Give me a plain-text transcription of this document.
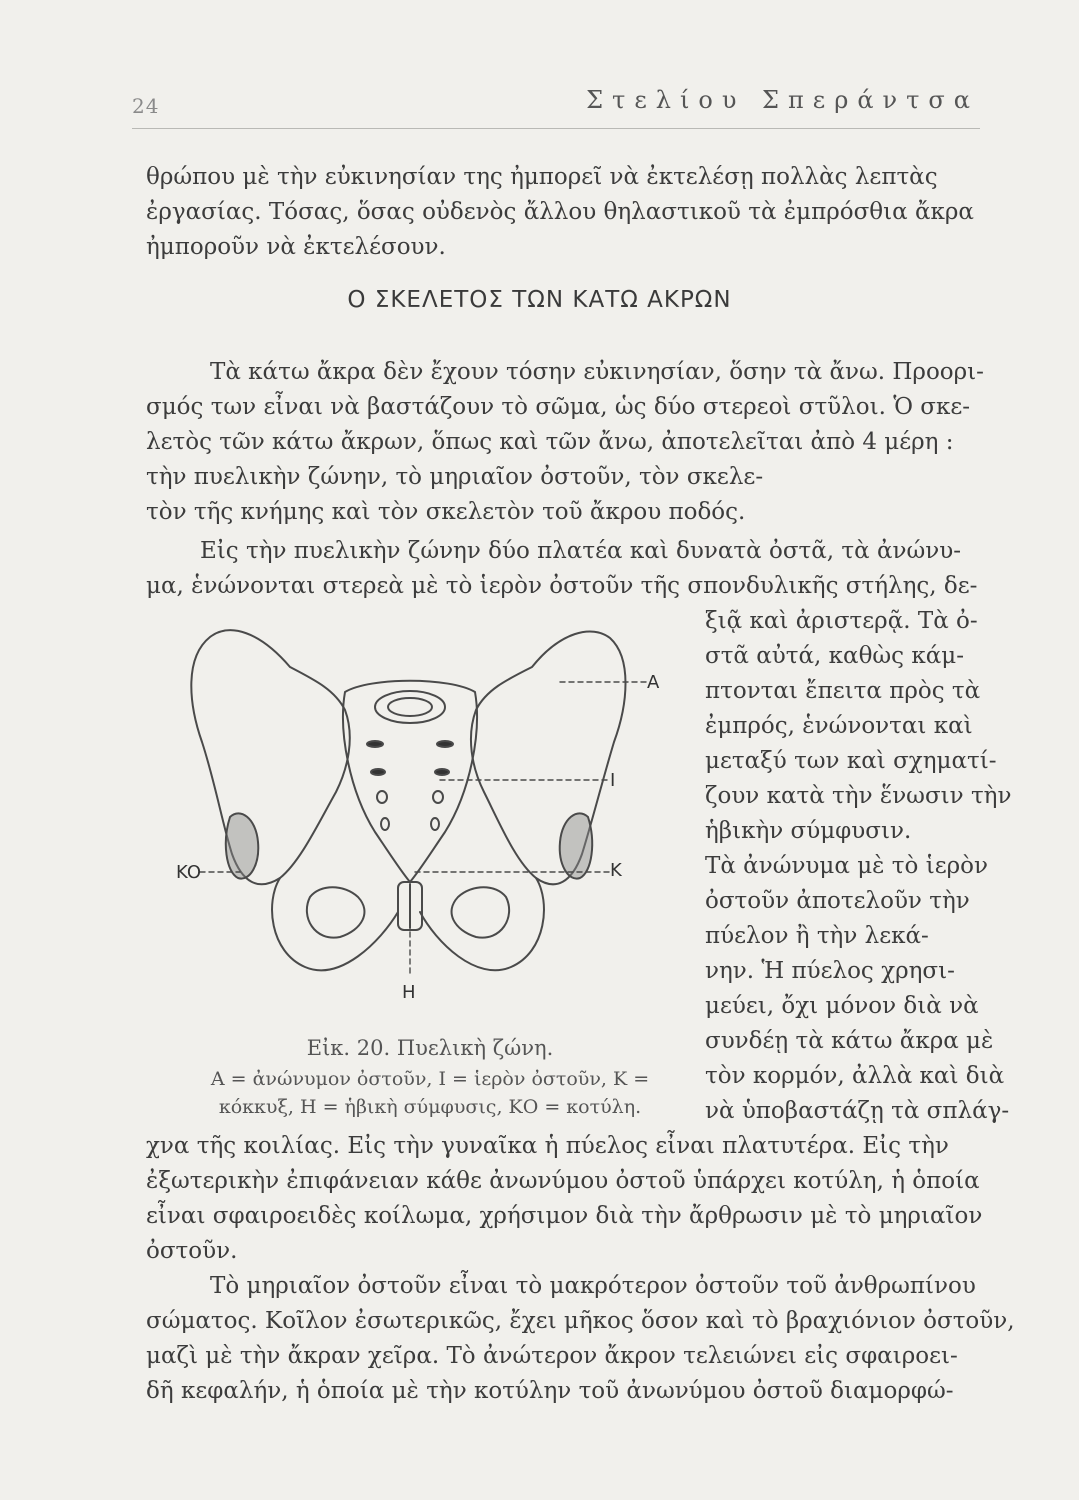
24	Στελίου Σπεράντσα
θρώπου μὲ τὴν εὐκινησίαν της ἠμπορεῖ νὰ ἐκτελέσῃ πολλὰς λεπτὰς
ἐργασίας. Τόσας, ὅσας οὐδενὸς ἄλλου θηλαστικοῦ τὰ ἐμπρόσθια ἄκρα
ἠμποροῦν νὰ ἐκτελέσουν.
Ο ΣΚΕΛΕΤΟΣ ΤΩΝ ΚΑΤΩ ΑΚΡΩΝ
Τὰ κάτω ἄκρα δὲν ἔχουν τόσην εὐκινησίαν, ὅσην τὰ ἄνω. Προορι-
σμός των εἶναι νὰ βαστάζουν τὸ σῶμα, ὡς δύο στερεοὶ στῦλοι. Ὁ σκε-
λετὸς τῶν κάτω ἄκρων, ὅπως καὶ τῶν ἄνω, ἀποτελεῖται ἀπὸ 4 μέρη :
τὴν πυελικὴν ζώνην, τὸ μηριαῖον ὀστοῦν, τὸν σκελε-
τὸν τῆς κνήμης καὶ τὸν σκελετὸν τοῦ ἄκρου ποδός.
Εἰς τὴν πυελικὴν ζώνην δύο πλατέα καὶ δυνατὰ ὀστᾶ, τὰ ἀνώνυ-
μα, ἑνώνονται στερεὰ μὲ τὸ ἱερὸν ὀστοῦν τῆς σπονδυλικῆς στήλης, δε-
ξιᾷ καὶ ἀριστερᾷ. Τὰ ὀ-
στᾶ αὐτά, καθὼς κάμ-
πτονται ἔπειτα πρὸς τὰ
ἐμπρός, ἑνώνονται καὶ
μεταξύ των καὶ σχηματί-
ζουν κατὰ τὴν ἕνωσιν τὴν
ἡβικὴν σύμφυσιν.
Τὰ ἀνώνυμα μὲ τὸ ἱερὸν
ὀστοῦν ἀποτελοῦν τὴν
πύελον ἢ τὴν λεκά-
νην. Ἡ πύελος χρησι-
μεύει, ὄχι μόνον διὰ νὰ
συνδέῃ τὰ κάτω ἄκρα μὲ
τὸν κορμόν, ἀλλὰ καὶ διὰ
νὰ ὑποβαστάζῃ τὰ σπλάγ-
A
I
K
KO
H
Εἰκ. 20. Πυελικὴ ζώνη.
Α = ἀνώνυμον ὀστοῦν, Ι = ἱερὸν ὀστοῦν, Κ =
κόκκυξ, Η = ἡβικὴ σύμφυσις, ΚΟ = κοτύλη.
χνα τῆς κοιλίας. Εἰς τὴν γυναῖκα ἡ πύελος εἶναι πλατυτέρα. Εἰς τὴν
ἐξωτερικὴν ἐπιφάνειαν κάθε ἀνωνύμου ὀστοῦ ὑπάρχει κοτύλη, ἡ ὁποία
εἶναι σφαιροειδὲς κοίλωμα, χρήσιμον διὰ τὴν ἄρθρωσιν μὲ τὸ μηριαῖον
ὀστοῦν.
Τὸ μηριαῖον ὀστοῦν εἶναι τὸ μακρότερον ὀστοῦν τοῦ ἀνθρωπίνου
σώματος. Κοῖλον ἐσωτερικῶς, ἔχει μῆκος ὅσον καὶ τὸ βραχιόνιον ὀστοῦν,
μαζὶ μὲ τὴν ἄκραν χεῖρα. Τὸ ἀνώτερον ἄκρον τελειώνει εἰς σφαιροει-
δῆ κεφαλήν, ἡ ὁποία μὲ τὴν κοτύλην τοῦ ἀνωνύμου ὀστοῦ διαμορφώ-
